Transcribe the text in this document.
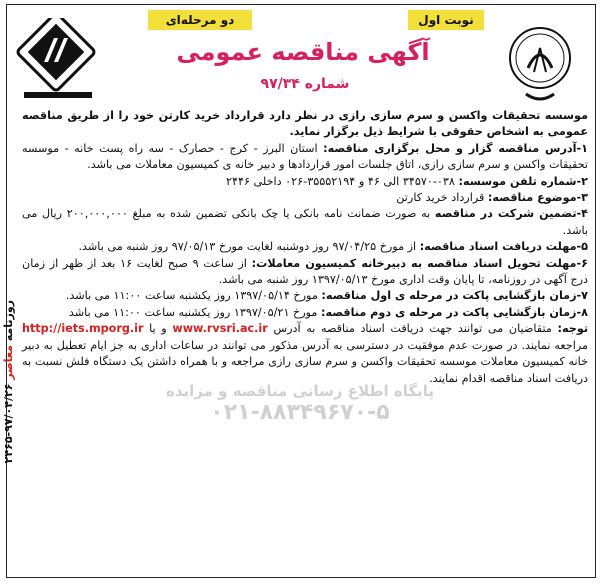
روزنامه معاصر ۹۷/۰۴/۲۶-۲۴۶۵
دو مرحله‌ای	نوبت اول
آگهی مناقصه عمومی
شماره ۹۷/۳۴
پایگاه اطلاع رسانی مناقصه و مزایده
۰۲۱-۸۸۳۴۹۶۷۰-۵

موسسه تحقیقات واکسن و سرم سازی رازی در نظر دارد قرارداد خرید کارتن خود را از طریق مناقصه عمومی به اشخاص حقوقی با شرایط ذیل برگزار نماید.

۱-آدرس مناقصه گزار و محل برگزاری مناقصه: استان البرز - کرج - حصارک - سه راه پست خانه - موسسه تحقیقات واکسن و سرم سازی رازی، اتاق جلسات امور قراردادها و دبیر خانه ی کمیسیون معاملات می باشد.

۲-شماره تلفن موسسه: ۰۳۸-۳۴۵۷۰ الی ۴۶ و ۳۵۵۵۲۱۹۴-۰۲۶ داخلی ۲۴۴۶

۳-موضوع مناقصه: قرارداد خرید کارتن

۴-تضمین شرکت در مناقصه به صورت ضمانت نامه بانکی یا چک بانکی تضمین شده به مبلغ ۲۰۰,۰۰۰,۰۰۰ ریال می باشد.

۵-مهلت دریافت اسناد مناقصه: از مورخ ۹۷/۰۴/۲۵ روز دوشنبه لغایت مورخ ۹۷/۰۵/۱۳ روز شنبه می باشد.

۶-مهلت تحویل اسناد مناقصه به دبیرخانه کمیسیون معاملات: از ساعت ۹ صبح لغایت ۱۶ بعد از ظهر از زمان درج آگهی در روزنامه، تا پایان وقت اداری مورخ ۱۳۹۷/۰۵/۱۳ روز شنبه می باشد.

۷-زمان بازگشایی پاکت در مرحله ی اول مناقصه: مورخ ۱۳۹۷/۰۵/۱۴ روز یکشنبه ساعت ۱۱:۰۰ می باشد.

۸-زمان بازگشایی پاکت در مرحله ی دوم مناقصه: مورخ ۱۳۹۷/۰۵/۲۱ روز یکشنبه ساعت ۱۱:۰۰ می باشد

توجه: متقاضیان می توانند جهت دریافت اسناد مناقصه به آدرس www.rvsri.ac.ir و یا http://iets.mporg.ir مراجعه نمایند. در صورت عدم موفقیت در دسترسی به آدرس مذکور می توانند در ساعات اداری به جز ایام تعطیل به دبیر خانه کمیسیون معاملات موسسه تحقیقات واکسن و سرم سازی رازی مراجعه و با همراه داشتن یک دستگاه فلش نسبت به دریافت اسناد مناقصه اقدام نمایند.
